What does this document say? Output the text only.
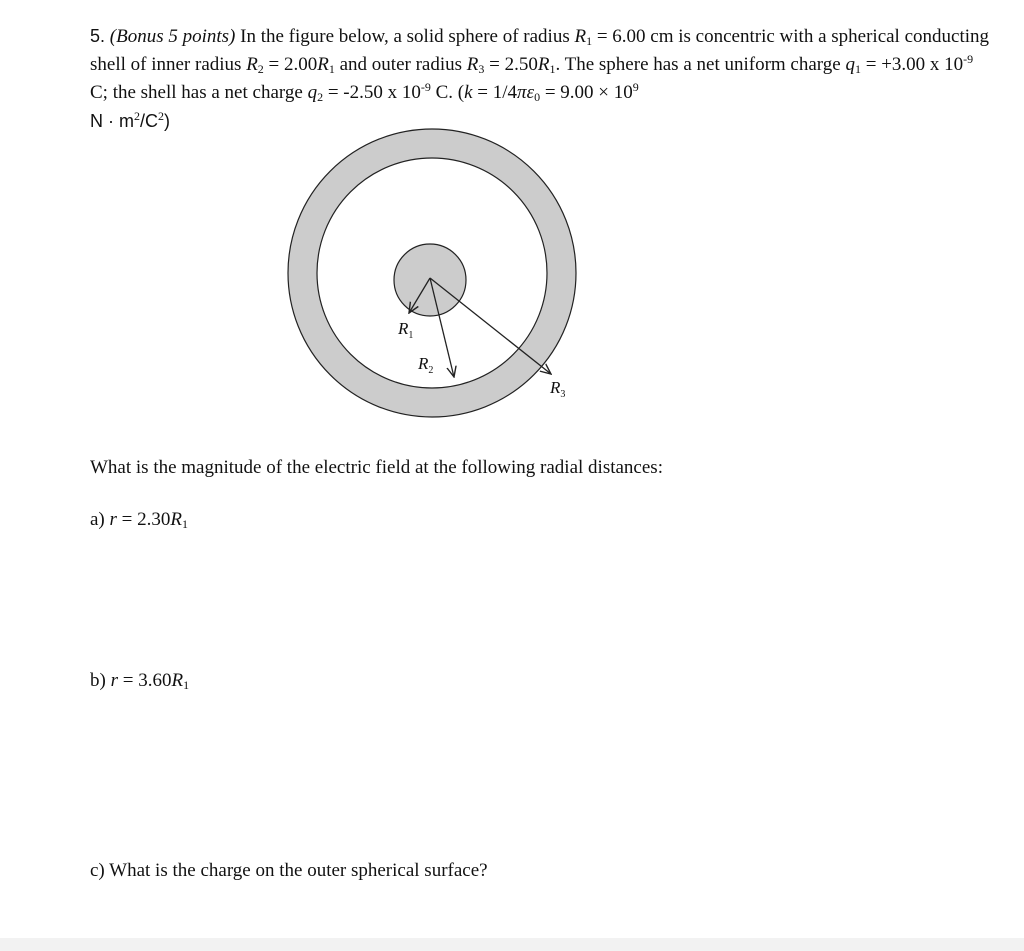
5. (Bonus 5 points) In the figure below, a solid sphere of radius $R_1 = 6.00$ cm is concentric with a spherical conducting shell of inner radius $R_2 = 2.00R_1$ and outer radius $R_3 = 2.50R_1$. The sphere has a net uniform charge $q_1 = +3.00$ x $10^{-9}$ C; the shell has a net charge $q_2 = -2.50$ x $10^{-9}$ C. ($k = 1/4\pi\varepsilon_0 = 9.00 \times 10^9$
$N \cdot m^2/C^2$)

$R_1$
$R_2$
$R_3$
What is the magnitude of the electric field at the following radial distances:
a) $r = 2.30R_1$
b) $r = 3.60R_1$
c) What is the charge on the outer spherical surface?
